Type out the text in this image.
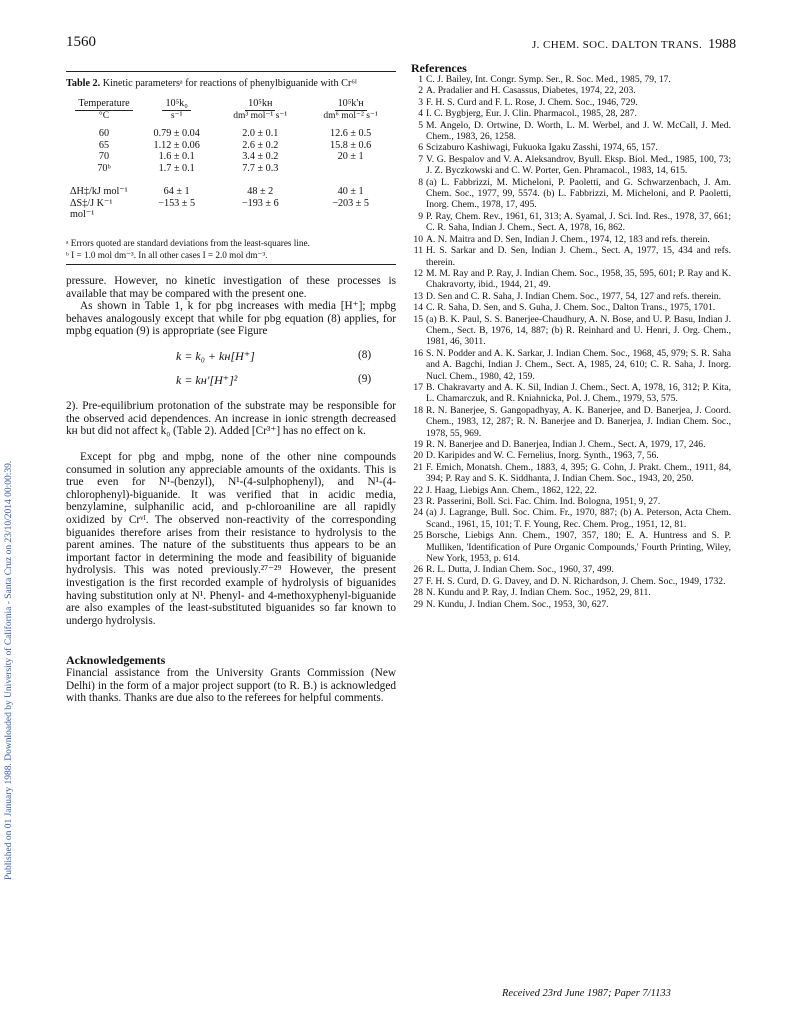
Published on 01 January 1988. Downloaded by University of California - Santa Cruz on 23/10/2014 00:00:39.
1560	J. CHEM. SOC. DALTON TRANS. 1988
Table 2. Kinetic parametersᵃ for reactions of phenylbiguanide with Cr⁶ᴵ
Temperature	10⁵k₀	10⁵kʜ	10⁵k'ʜ
°C	s⁻¹	dm³ mol⁻¹ s⁻¹	dm⁶ mol⁻² s⁻¹

60	0.79 ± 0.04	2.0 ± 0.1	12.6 ± 0.5
65	1.12 ± 0.06	2.6 ± 0.2	15.8 ± 0.6
70	1.6 ± 0.1	3.4 ± 0.2	20 ± 1
70ᵇ	1.7 ± 0.1	7.7 ± 0.3	

ΔH‡/kJ mol⁻¹	64 ± 1	48 ± 2	40 ± 1
ΔS‡/J K⁻¹ mol⁻¹	−153 ± 5	−193 ± 6	−203 ± 5
ᵃ Errors quoted are standard deviations from the least-squares line.
ᵇ I = 1.0 mol dm⁻³. In all other cases I = 2.0 mol dm⁻³.
pressure. However, no kinetic investigation of these processes is available that may be compared with the present one.
As shown in Table 1, k for pbg increases with media [H⁺]; mpbg behaves analogously except that while for pbg equation (8) applies, for mpbg equation (9) is appropriate (see Figure
k = k₀ + kʜ[H⁺]	(8)
k = kʜ'[H⁺]²	(9)
2). Pre-equilibrium protonation of the substrate may be responsible for the observed acid dependences. An increase in ionic strength decreased kʜ but did not affect k₀ (Table 2). Added [Cr³⁺] has no effect on k.
Except for pbg and mpbg, none of the other nine compounds consumed in solution any appreciable amounts of the oxidants. This is true even for N¹-(benzyl), N¹-(4-sulphophenyl), and N¹-(4-chlorophenyl)-biguanide. It was verified that in acidic media, benzylamine, sulphanilic acid, and p-chloroaniline are all rapidly oxidized by Crᵛᴵ. The observed non-reactivity of the corresponding biguanides therefore arises from their resistance to hydrolysis to the parent amines. The nature of the substituents thus appears to be an important factor in determining the mode and feasibility of biguanide hydrolysis. This was noted previously.²⁷⁻²⁹ However, the present investigation is the first recorded example of hydrolysis of biguanides having substitution only at N¹. Phenyl- and 4-methoxyphenyl-biguanide are also examples of the least-substituted biguanides so far known to undergo hydrolysis.
Acknowledgements
Financial assistance from the University Grants Commission (New Delhi) in the form of a major project support (to R. B.) is acknowledged with thanks. Thanks are due also to the referees for helpful comments.
References
1 C. J. Bailey, Int. Congr. Symp. Ser., R. Soc. Med., 1985, 79, 17.
2 A. Pradalier and H. Casassus, Diabetes, 1974, 22, 203.
3 F. H. S. Curd and F. L. Rose, J. Chem. Soc., 1946, 729.
4 I. C. Bygbjerg, Eur. J. Clin. Pharmacol., 1985, 28, 287.
5 M. Angelo, D. Ortwine, D. Worth, L. M. Werbel, and J. W. McCall, J. Med. Chem., 1983, 26, 1258.
6 Scizaburo Kashiwagi, Fukuoka Igaku Zasshi, 1974, 65, 157.
7 V. G. Bespalov and V. A. Aleksandrov, Byull. Eksp. Biol. Med., 1985, 100, 73; J. Z. Byczkowski and C. W. Porter, Gen. Phramacol., 1983, 14, 615.
8 (a) L. Fabbrizzi, M. Micheloni, P. Paoletti, and G. Schwarzenbach, J. Am. Chem. Soc., 1977, 99, 5574. (b) L. Fabbrizzi, M. Micheloni, and P. Paoletti, Inorg. Chem., 1978, 17, 495.
9 P. Ray, Chem. Rev., 1961, 61, 313; A. Syamal, J. Sci. Ind. Res., 1978, 37, 661; C. R. Saha, Indian J. Chem., Sect. A, 1978, 16, 862.
10 A. N. Maitra and D. Sen, Indian J. Chem., 1974, 12, 183 and refs. therein.
11 H. S. Sarkar and D. Sen, Indian J. Chem., Sect. A, 1977, 15, 434 and refs. therein.
12 M. M. Ray and P. Ray, J. Indian Chem. Soc., 1958, 35, 595, 601; P. Ray and K. Chakravorty, ibid., 1944, 21, 49.
13 D. Sen and C. R. Saha, J. Indian Chem. Soc., 1977, 54, 127 and refs. therein.
14 C. R. Saha, D. Sen, and S. Guha, J. Chem. Soc., Dalton Trans., 1975, 1701.
15 (a) B. K. Paul, S. S. Banerjee-Chaudhury, A. N. Bose, and U. P. Basu, Indian J. Chem., Sect. B, 1976, 14, 887; (b) R. Reinhard and U. Henri, J. Org. Chem., 1981, 46, 3011.
16 S. N. Podder and A. K. Sarkar, J. Indian Chem. Soc., 1968, 45, 979; S. R. Saha and A. Bagchi, Indian J. Chem., Sect. A, 1985, 24, 610; C. R. Saha, J. Inorg. Nucl. Chem., 1980, 42, 159.
17 B. Chakravarty and A. K. Sil, Indian J. Chem., Sect. A, 1978, 16, 312; P. Kita, L. Chamarczuk, and R. Kniahnicka, Pol. J. Chem., 1979, 53, 575.
18 R. N. Banerjee, S. Gangopadhyay, A. K. Banerjee, and D. Banerjea, J. Coord. Chem., 1983, 12, 287; R. N. Banerjee and D. Banerjea, J. Indian Chem. Soc., 1978, 55, 969.
19 R. N. Banerjee and D. Banerjea, Indian J. Chem., Sect. A, 1979, 17, 246.
20 D. Karipides and W. C. Fernelius, Inorg. Synth., 1963, 7, 56.
21 F. Emich, Monatsh. Chem., 1883, 4, 395; G. Cohn, J. Prakt. Chem., 1911, 84, 394; P. Ray and S. K. Siddhanta, J. Indian Chem. Soc., 1943, 20, 250.
22 J. Haag, Liebigs Ann. Chem., 1862, 122, 22.
23 R. Passerini, Boll. Sci. Fac. Chim. Ind. Bologna, 1951, 9, 27.
24 (a) J. Lagrange, Bull. Soc. Chim. Fr., 1970, 887; (b) A. Peterson, Acta Chem. Scand., 1961, 15, 101; T. F. Young, Rec. Chem. Prog., 1951, 12, 81.
25 Borsche, Liebigs Ann. Chem., 1907, 357, 180; E. A. Huntress and S. P. Mulliken, 'Identification of Pure Organic Compounds,' Fourth Printing, Wiley, New York, 1953, p. 614.
26 R. L. Dutta, J. Indian Chem. Soc., 1960, 37, 499.
27 F. H. S. Curd, D. G. Davey, and D. N. Richardson, J. Chem. Soc., 1949, 1732.
28 N. Kundu and P. Ray, J. Indian Chem. Soc., 1952, 29, 811.
29 N. Kundu, J. Indian Chem. Soc., 1953, 30, 627.
Received 23rd June 1987; Paper 7/1133
